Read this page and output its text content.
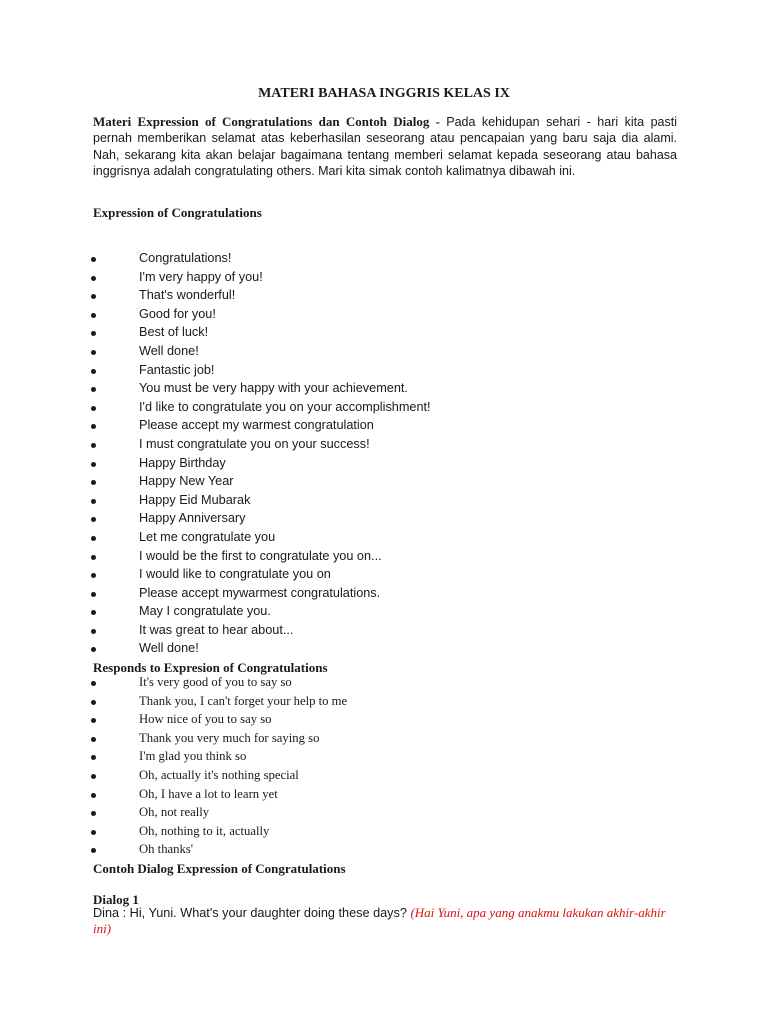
MATERI BAHASA INGGRIS KELAS IX
Materi Expression of Congratulations dan Contoh Dialog - Pada kehidupan sehari - hari kita pasti pernah memberikan selamat atas keberhasilan seseorang atau pencapaian yang baru saja dia alami. Nah, sekarang kita akan belajar bagaimana tentang memberi selamat kepada seseorang atau bahasa inggrisnya adalah congratulating others. Mari kita simak contoh kalimatnya dibawah ini.
Expression of Congratulations
Congratulations!
I'm very happy of you!
That's wonderful!
Good for you!
Best of luck!
Well done!
Fantastic job!
You must be very happy with your achievement.
I'd like to congratulate you on your accomplishment!
Please accept my warmest congratulation
I must congratulate you on your success!
Happy Birthday
Happy New Year
Happy Eid Mubarak
Happy Anniversary
Let me congratulate you
I would be the first to congratulate you on...
I would like to congratulate you on
Please accept mywarmest congratulations.
May I congratulate you.
It was great to hear about...
Well done!
Responds to Expresion of Congratulations
It's very good of you to say so
Thank you, I can't forget your help to me
How nice of you to say so
Thank you very much for saying so
I'm glad you think so
Oh, actually it's nothing special
Oh, I have a lot to learn yet
Oh, not really
Oh, nothing to it, actually
Oh thanks'
Contoh Dialog Expression of Congratulations
Dialog 1
Dina : Hi, Yuni. What's your daughter doing these days? (Hai Yuni, apa yang anakmu lakukan akhir-akhir ini)
